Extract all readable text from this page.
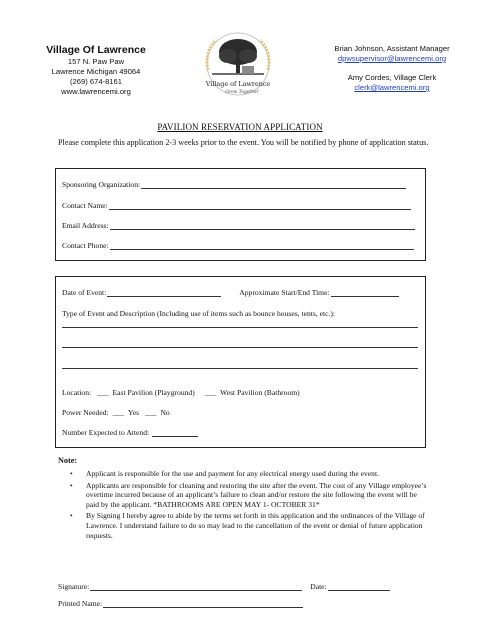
Village Of Lawrence
157 N. Paw Paw
Lawrence Michigan 49064
(269) 674-8161
www.lawrencemi.org
Village of Lawrence
Grow Together
Brian Johnson, Assistant Manager
dpwsupervisor@lawrencemi.org
Amy Cordes, Village Clerk
clerk@lawrencemi.org
PAVILION RESERVATION APPLICATION
Please complete this application 2-3 weeks prior to the event. You will be notified by phone of application status.
Sponsoring Organization:
Contact Name:
Email Address:
Contact Phone:
Date of Event:	Approximate Start/End Time:
Type of Event and Description (Including use of items such as bounce houses, tents, etc.):
Location: ___ East Pavilion (Playground) ___ West Pavilion (Bathroom)
Power Needed: ___ Yes ___ No
Number Expected to Attend:
Note:
• Applicant is responsible for the use and payment for any electrical energy used during the event.
• Applicants are responsible for cleaning and restoring the site after the event. The cost of any Village employee’s overtime incurred because of an applicant’s failure to clean and/or restore the site following the event will be paid by the applicant. *BATHROOMS ARE OPEN MAY 1- OCTOBER 31*
• By Signing I hereby agree to abide by the terms set forth in this application and the ordinances of the Village of Lawrence. I understand failure to do so may lead to the cancellation of the event or denial of future application requests.
Signature:	Date:
Printed Name:
